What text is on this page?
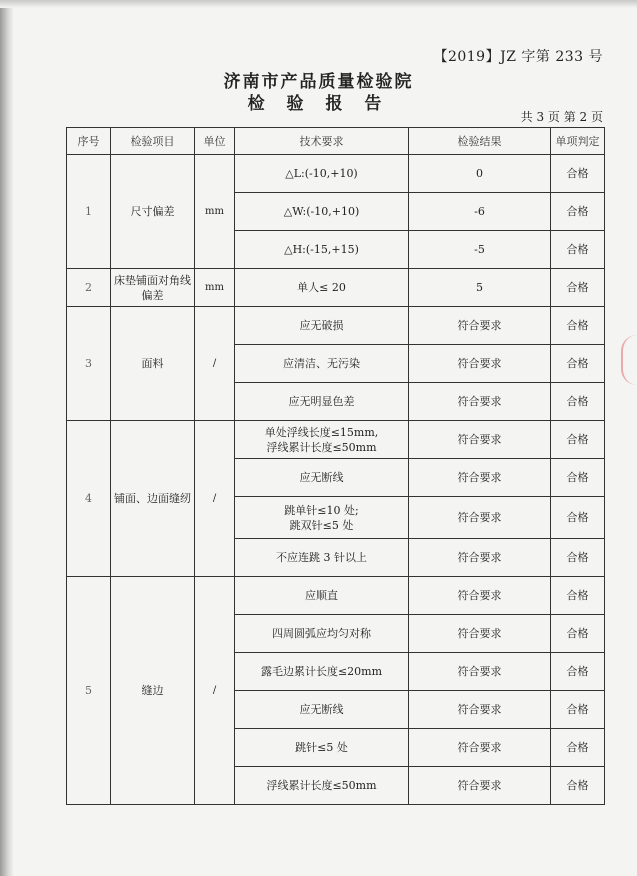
【2019】JZ 字第 233 号
济南市产品质量检验院
检 验 报 告
共 3 页 第 2 页
序号	检验项目	单位	技术要求	检验结果	单项判定
1	尺寸偏差	mm	△L:(-10,+10)	0	合格
			△W:(-10,+10)	-6	合格
			△H:(-15,+15)	-5	合格
2	床垫铺面对角线偏差	mm	单人≤ 20	5	合格
3	面料	/	应无破损	符合要求	合格
			应清洁、无污染	符合要求	合格
			应无明显色差	符合要求	合格
4	铺面、边面缝纫	/	单处浮线长度≤15mm,
浮线累计长度≤50mm	符合要求	合格
			应无断线	符合要求	合格
			跳单针≤10 处;
跳双针≤5 处	符合要求	合格
			不应连跳 3 针以上	符合要求	合格
5	缝边	/	应顺直	符合要求	合格
			四周圆弧应均匀对称	符合要求	合格
			露毛边累计长度≤20mm	符合要求	合格
			应无断线	符合要求	合格
			跳针≤5 处	符合要求	合格
			浮线累计长度≤50mm	符合要求	合格
